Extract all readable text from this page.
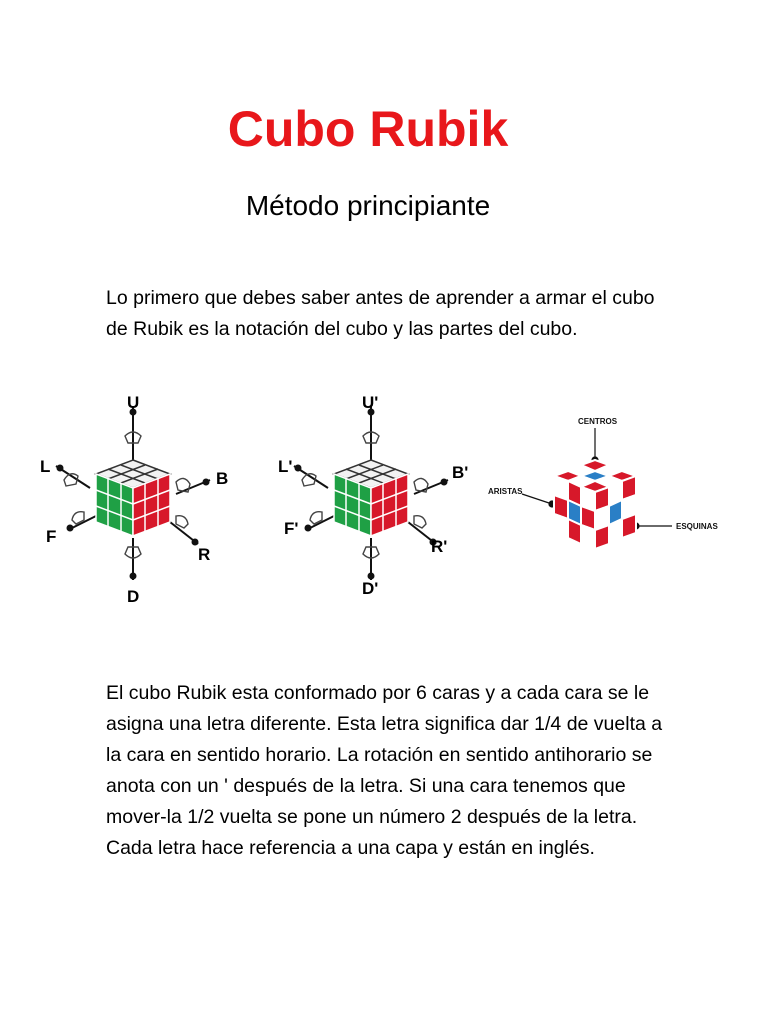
Cubo Rubik
Método principiante

Lo primero que debes saber antes de aprender a armar el cubo de Rubik es la notación del cubo y las partes del cubo.

U
L
B
F
R
D
U'
L'	B'
F'
R'
D'
CENTROS
ARISTAS
ESQUINAS

El cubo Rubik esta conformado por 6 caras y a cada cara se le asigna una letra diferente. Esta letra significa dar 1/4 de vuelta a la cara en sentido horario. La rotación en sentido antihorario se anota con un ' después de la letra. Si una cara tenemos que mover-la 1/2 vuelta se pone un número 2 después de la letra. Cada letra hace referencia a una capa y están en inglés.
